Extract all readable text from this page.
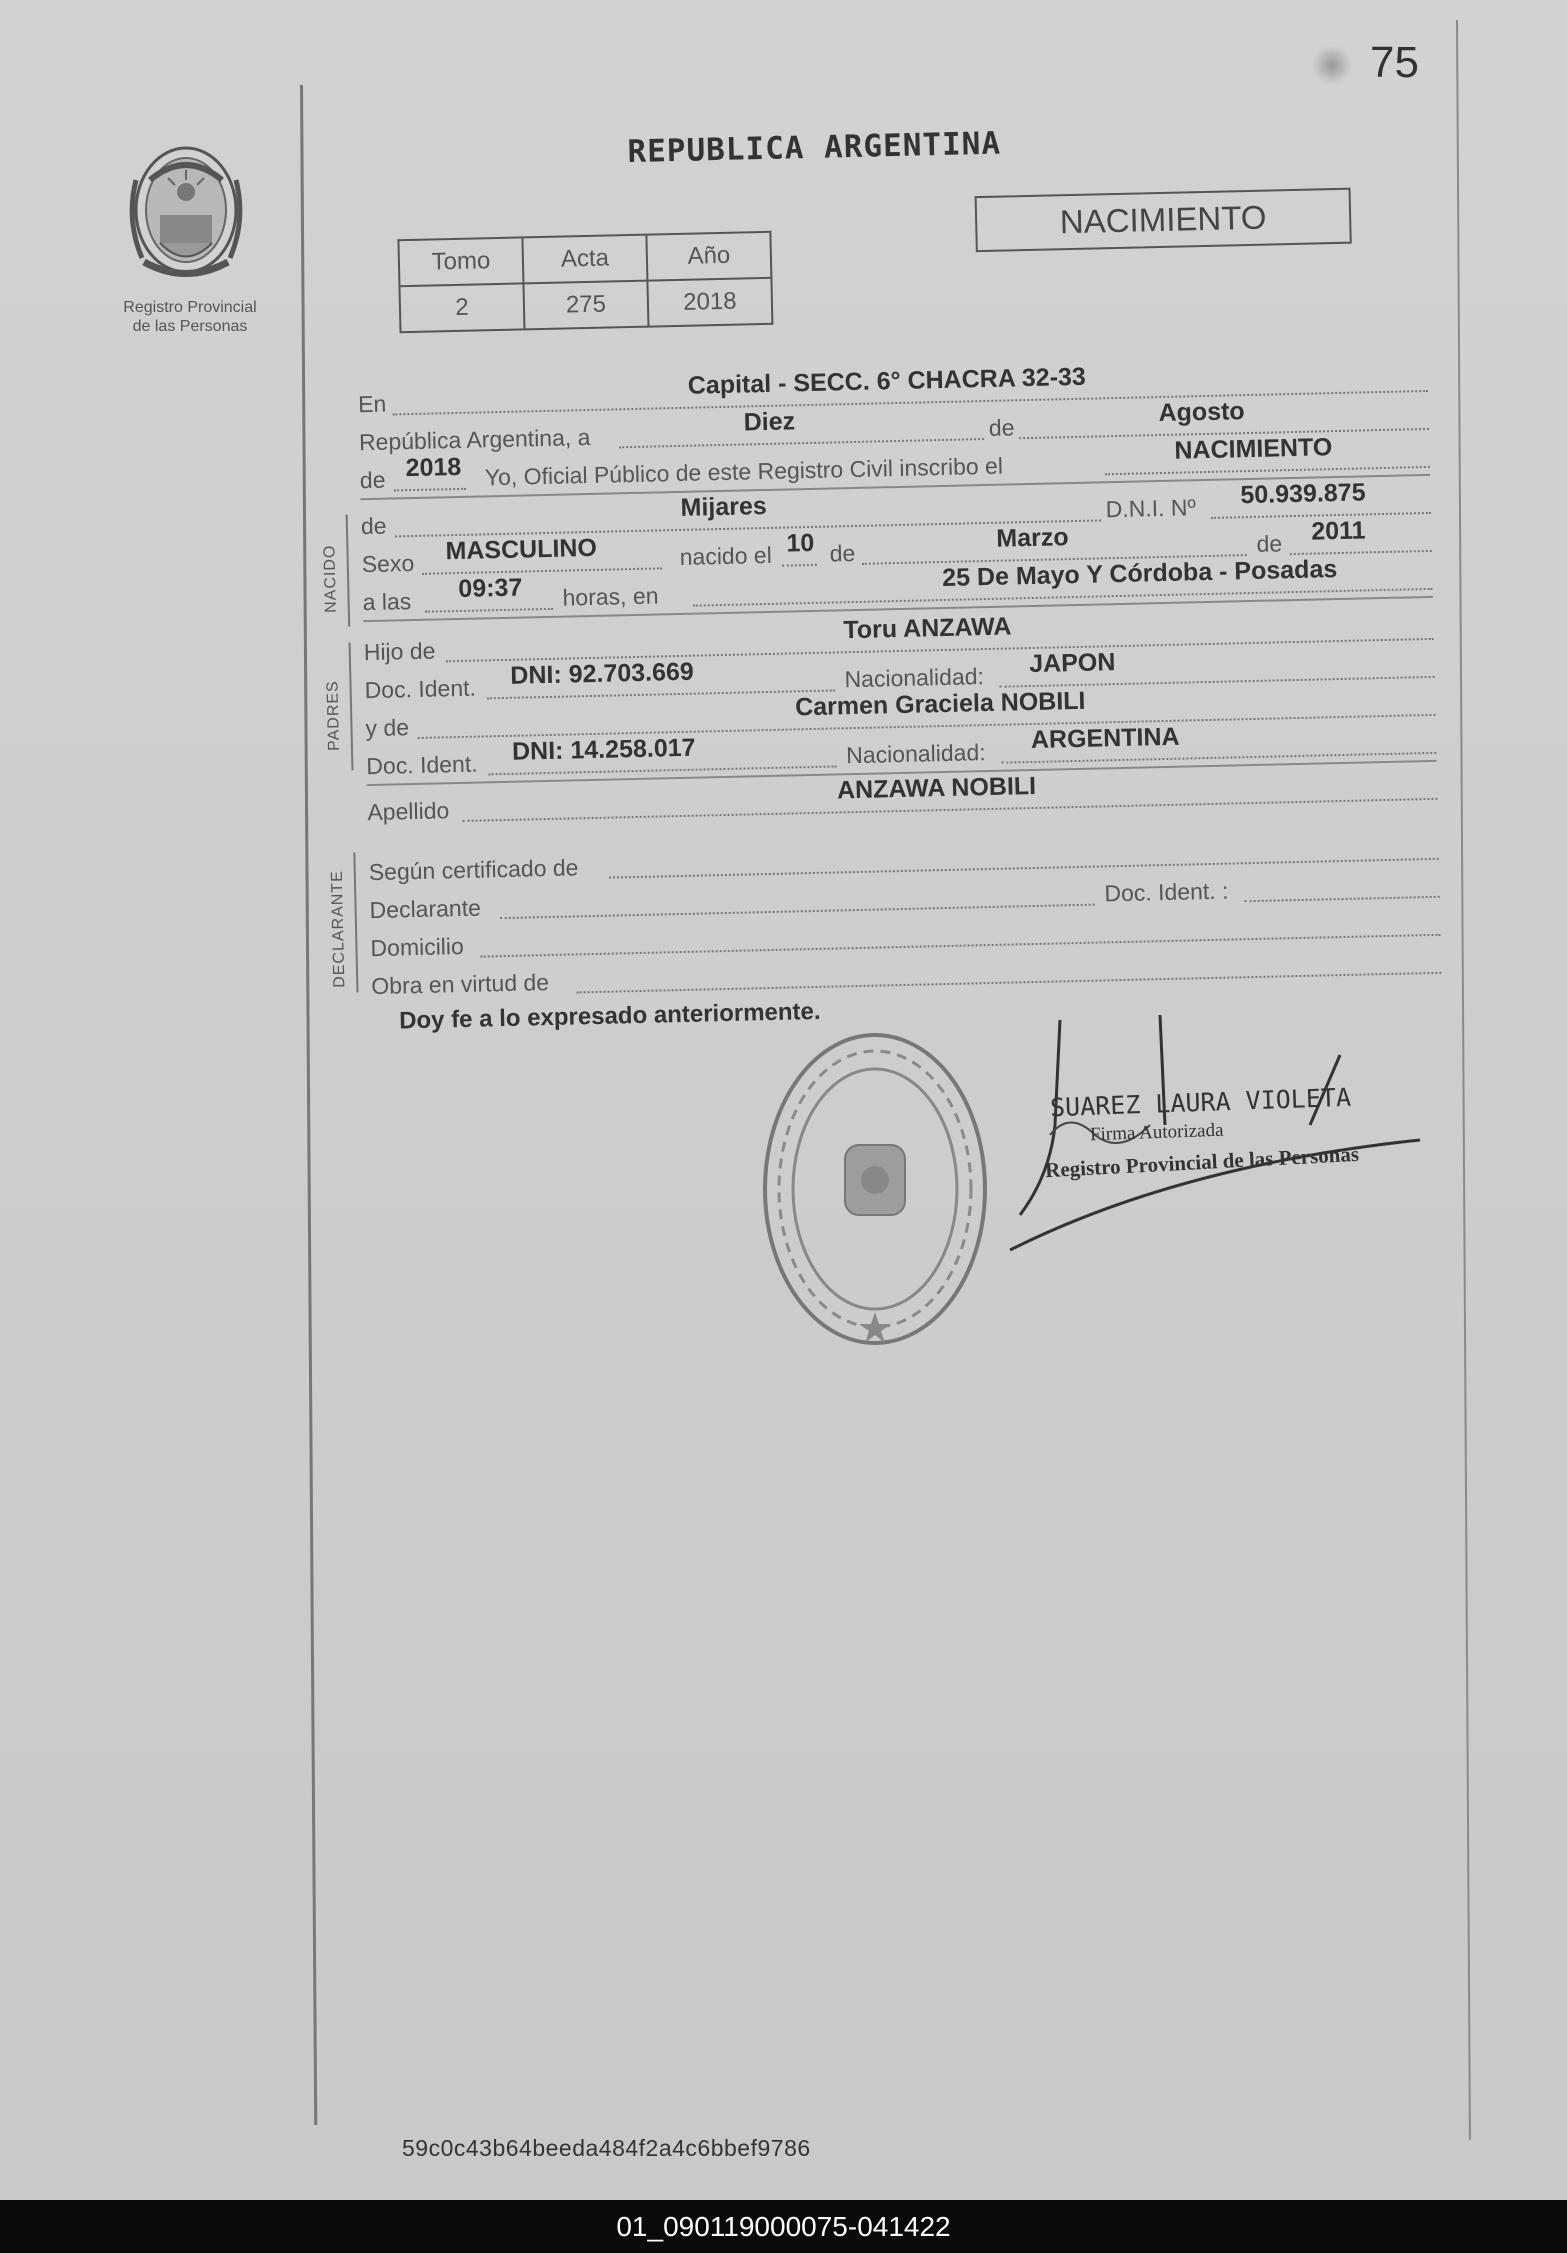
75
Registro Provincial
de las Personas
REPUBLICA ARGENTINA
Tomo	Acta	Año
2	275	2018
NACIMIENTO
En
Capital - SECC. 6° CHACRA 32-33
República Argentina, a
Diez	de
Agosto
de 2018 Yo, Oficial Público de este Registro Civil inscribo el
NACIMIENTO
NACIDO
de
Mijares	D.N.I. Nº 50.939.875
Sexo MASCULINO	nacido el 10 de
Marzo	de 2011
a las 09:37 horas, en
25 De Mayo Y Córdoba - Posadas
PADRES
Hijo de
Toru ANZAWA
Doc. Ident. DNI: 92.703.669	Nacionalidad: JAPON
y de
Carmen Graciela NOBILI
Doc. Ident. DNI: 14.258.017	Nacionalidad: ARGENTINA
Apellido
ANZAWA NOBILI
DECLARANTE
Según certificado de
Declarante
Doc. Ident. :
Domicilio
Obra en virtud de
Doy fe a lo expresado anteriormente.
SUAREZ LAURA VIOLETA
Firma Autorizada
Registro Provincial de las Personas
59c0c43b64beeda484f2a4c6bbef9786
01_090119000075-041422
